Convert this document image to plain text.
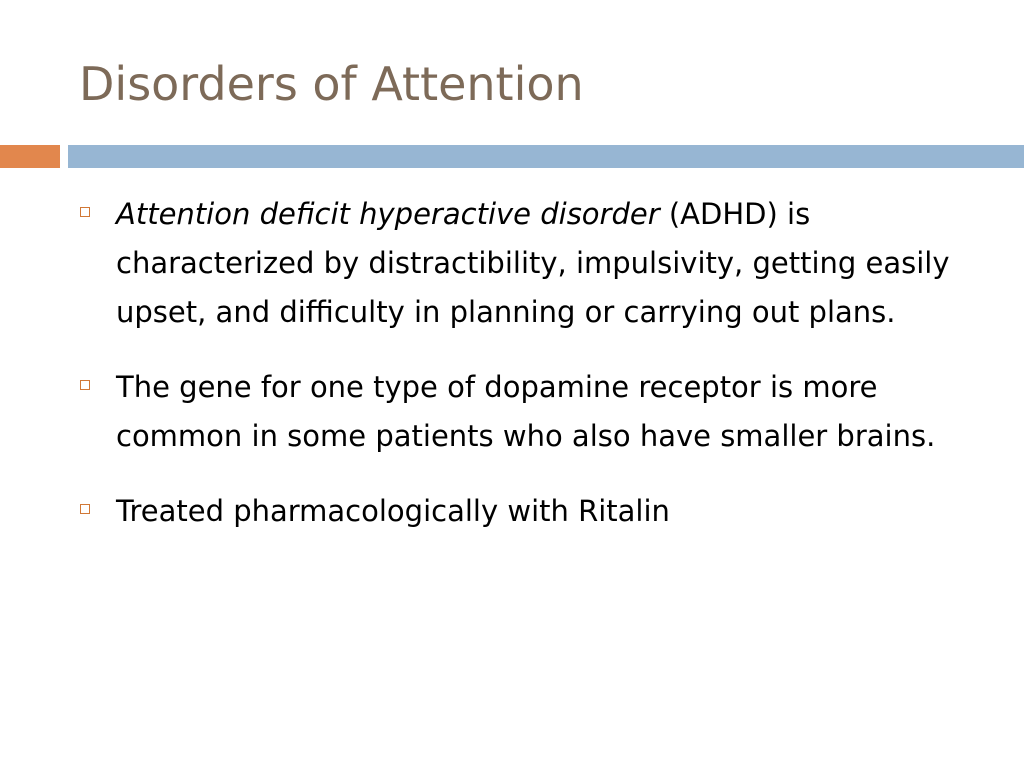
Disorders of Attention
Attention deficit hyperactive disorder (ADHD) is characterized by distractibility, impulsivity, getting easily upset, and difficulty in planning or carrying out plans.
The gene for one type of dopamine receptor is more common in some patients who also have smaller brains.
Treated pharmacologically with Ritalin
